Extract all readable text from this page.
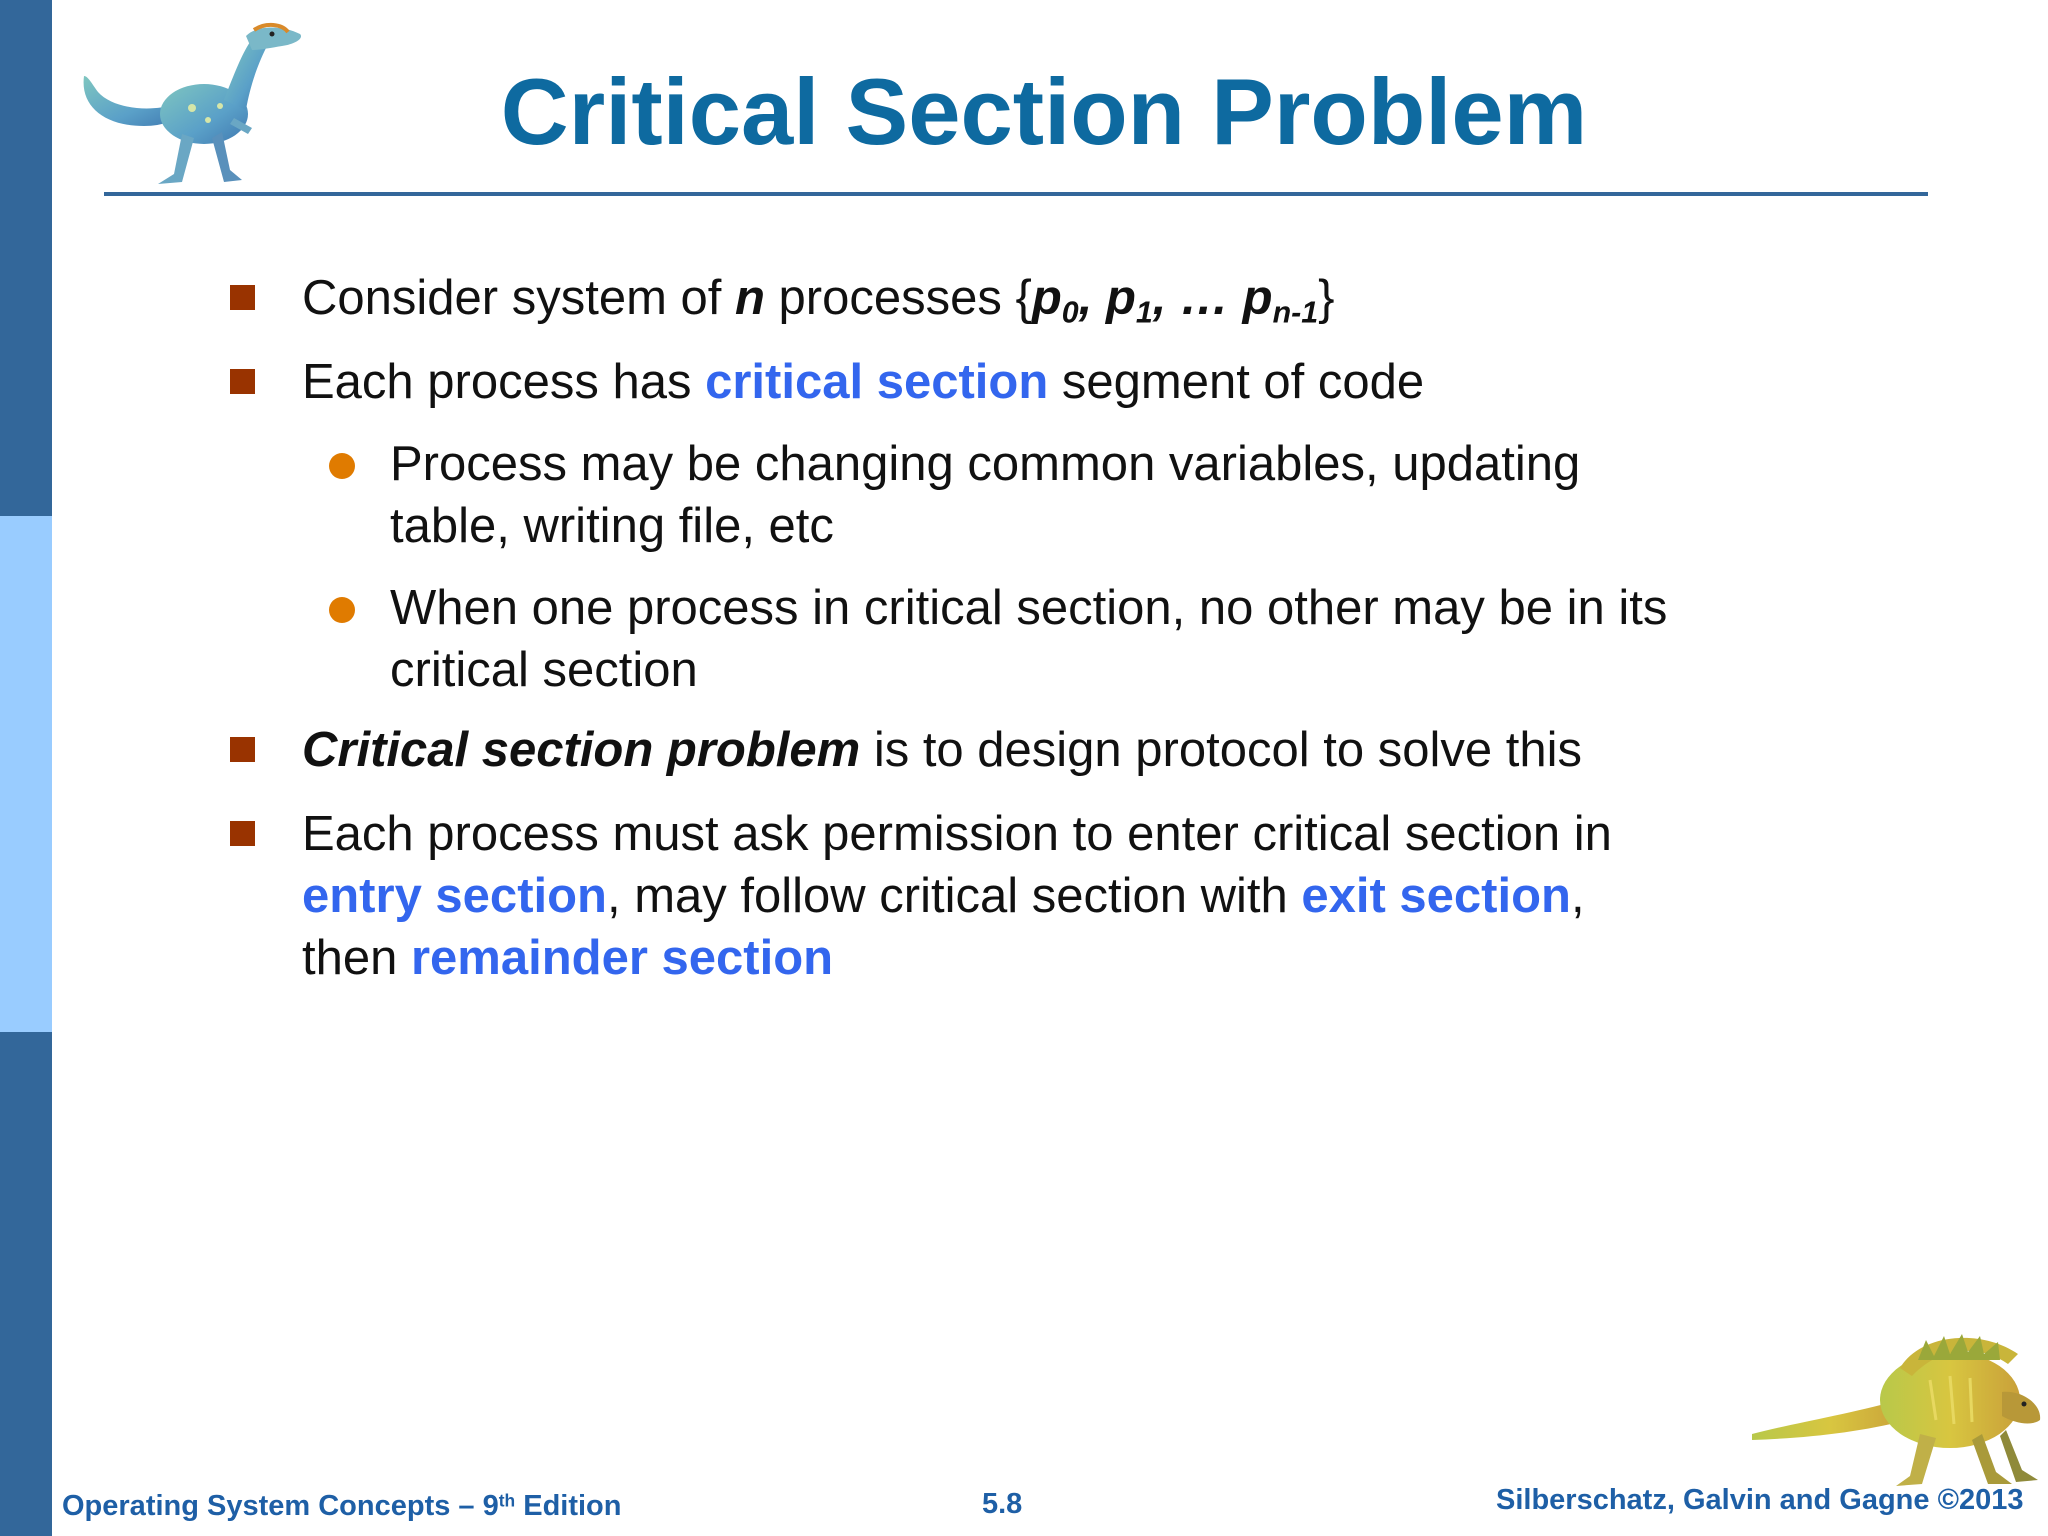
Critical Section Problem
Consider system of n processes {$p_0$, $p_1$, … $p_{n-1}$}
Each process has critical section segment of code
Process may be changing common variables, updating
table, writing file, etc
When one process in critical section, no other may be in its
critical section
Critical section problem is to design protocol to solve this
Each process must ask permission to enter critical section in
entry section, may follow critical section with exit section,
then remainder section
Operating System Concepts – 9th Edition	5.8	Silberschatz, Galvin and Gagne ©2013
